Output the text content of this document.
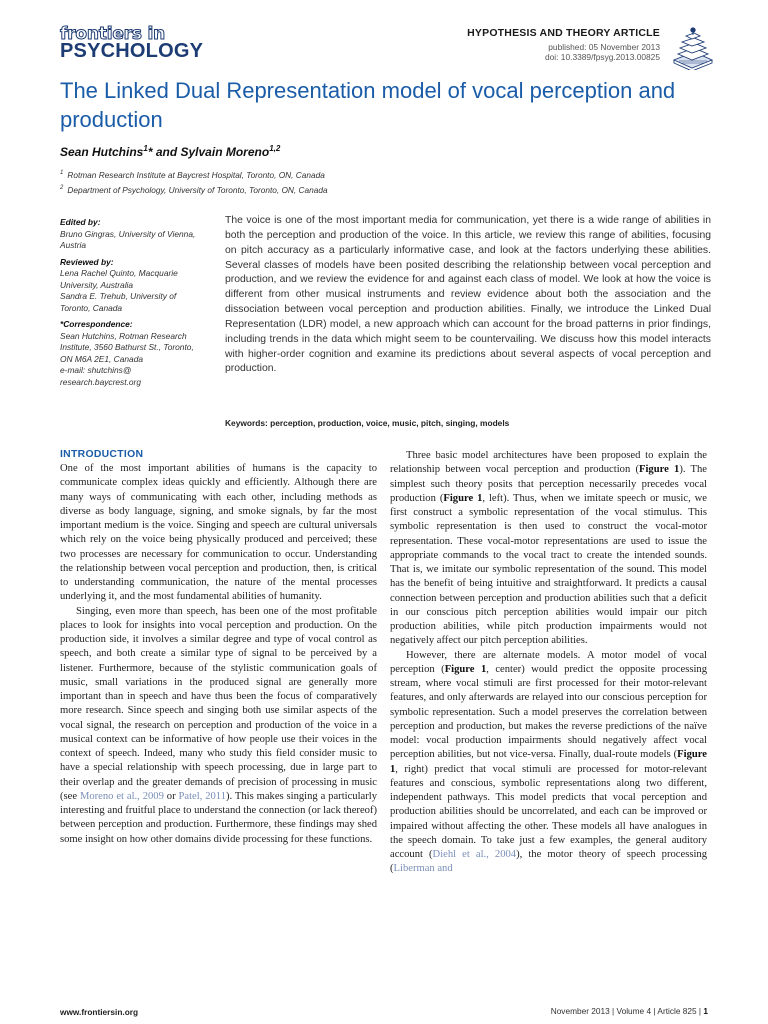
frontiers in
PSYCHOLOGY
HYPOTHESIS AND THEORY ARTICLE
published: 05 November 2013
doi: 10.3389/fpsyg.2013.00825
The Linked Dual Representation model of vocal perception and production
Sean Hutchins$^1$* and Sylvain Moreno$^{1,2}$
$^1$ Rotman Research Institute at Baycrest Hospital, Toronto, ON, Canada
$^2$ Department of Psychology, University of Toronto, Toronto, ON, Canada
Edited by:
Bruno Gingras, University of Vienna,
Austria
Reviewed by:
Lena Rachel Quinto, Macquarie
University, Australia
Sandra E. Trehub, University of
Toronto, Canada
*Correspondence:
Sean Hutchins, Rotman Research
Institute, 3560 Bathurst St., Toronto,
ON M6A 2E1, Canada
e-mail: shutchins@
research.baycrest.org
The voice is one of the most important media for communication, yet there is a wide range of abilities in both the perception and production of the voice. In this article, we review this range of abilities, focusing on pitch accuracy as a particularly informative case, and look at the factors underlying these abilities. Several classes of models have been posited describing the relationship between vocal perception and production, and we review the evidence for and against each class of model. We look at how the voice is different from other musical instruments and review evidence about both the association and the dissociation between vocal perception and production abilities. Finally, we introduce the Linked Dual Representation (LDR) model, a new approach which can account for the broad patterns in prior findings, including trends in the data which might seem to be countervailing. We discuss how this model interacts with higher-order cognition and examine its predictions about several aspects of vocal perception and production.
Keywords: perception, production, voice, music, pitch, singing, models
INTRODUCTION

One of the most important abilities of humans is the capacity to communicate complex ideas quickly and efficiently. Although there are many ways of communicating with each other, including methods as diverse as body language, signing, and smoke signals, by far the most important medium is the voice. Singing and speech are cultural universals which rely on the voice being physically produced and perceived; these two processes are necessary for communication to occur. Understanding the relationship between vocal perception and production, then, is critical to understanding communication, the nature of the mental processes underlying it, and the most fundamental abilities of humanity.

Singing, even more than speech, has been one of the most profitable places to look for insights into vocal perception and production. On the production side, it involves a similar degree and type of vocal control as speech, and both create a similar type of signal to be perceived by a listener. Furthermore, because of the stylistic communication goals of music, small variations in the produced signal are generally more important than in speech and have thus been the focus of comparatively more research. Since speech and singing both use similar aspects of the vocal signal, the research on perception and production of the voice in a musical context can be informative of how people use their voices in the context of speech. Indeed, many who study this field consider music to have a special relationship with speech processing, due in large part to their overlap and the greater demands of precision of processing in music (see Moreno et al., 2009 or Patel, 2011). This makes singing a particularly interesting and fruitful place to understand the connection (or lack thereof) between perception and production. Furthermore, these findings may shed some insight on how other domains divide processing for these functions.

Three basic model architectures have been proposed to explain the relationship between vocal perception and production (Figure 1). The simplest such theory posits that perception necessarily precedes vocal production (Figure 1, left). Thus, when we imitate speech or music, we first construct a symbolic representation of the vocal stimulus. This symbolic representation is then used to construct the vocal-motor representation. These vocal-motor representations are used to issue the appropriate commands to the vocal tract to create the intended sounds. That is, we imitate our symbolic representation of the sound. This model has the benefit of being intuitive and straightforward. It predicts a causal connection between perception and production abilities such that a deficit in our conscious pitch perception abilities would impair our pitch production abilities, while pitch production impairments would not negatively affect our pitch perception abilities.

However, there are alternate models. A motor model of vocal perception (Figure 1, center) would predict the opposite processing stream, where vocal stimuli are first processed for their motor-relevant features, and only afterwards are relayed into our conscious perception for symbolic representation. Such a model preserves the correlation between perception and production, but makes the reverse predictions of the naïve model: vocal production impairments should negatively affect vocal perception abilities, but not vice-versa. Finally, dual-route models (Figure 1, right) predict that vocal stimuli are processed for motor-relevant features and conscious, symbolic representations along two different, independent pathways. This model predicts that vocal perception and production abilities should be uncorrelated, and each can be improved or impaired without affecting the other. These models all have analogues in the speech domain. To take just a few examples, the general auditory account (Diehl et al., 2004), the motor theory of speech processing (Liberman and

www.frontiersin.org	November 2013 | Volume 4 | Article 825 | 1
